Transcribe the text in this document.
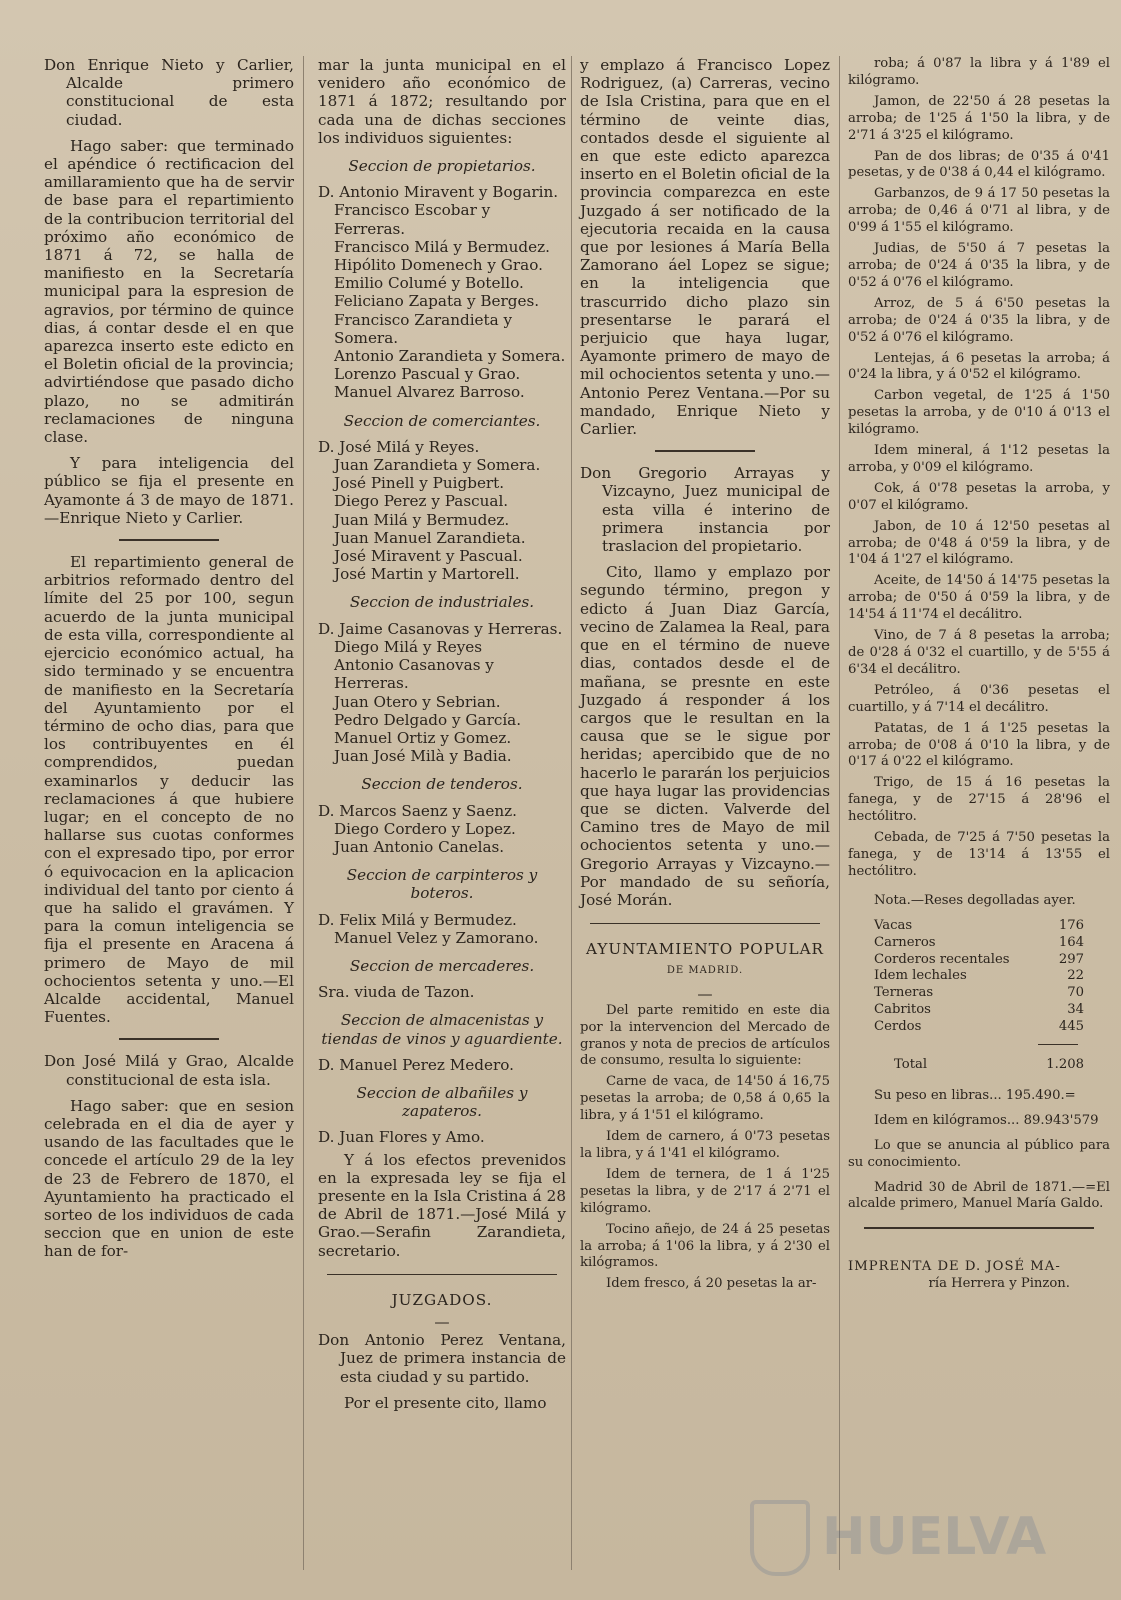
Don Enrique Nieto y Carlier, Alcalde primero constitucional de esta ciudad.

Hago saber: que terminado el apéndice ó rectificacion del amillaramiento que ha de servir de base para el repartimiento de la contribucion territorial del próximo año económico de 1871 á 72, se halla de manifiesto en la Secretaría municipal para la espresion de agravios, por término de quince dias, á contar desde el en que aparezca inserto este edicto en el Boletin oficial de la provincia; advirtiéndose que pasado dicho plazo, no se admitirán reclamaciones de ninguna clase.

Y para inteligencia del público se fija el presente en Ayamonte á 3 de mayo de 1871.—Enrique Nieto y Carlier.

El repartimiento general de arbitrios reformado dentro del límite del 25 por 100, segun acuerdo de la junta municipal de esta villa, correspondiente al ejercicio económico actual, ha sido terminado y se encuentra de manifiesto en la Secretaría del Ayuntamiento por el término de ocho dias, para que los contribuyentes en él comprendidos, puedan examinarlos y deducir las reclamaciones á que hubiere lugar; en el concepto de no hallarse sus cuotas conformes con el expresado tipo, por error ó equivocacion en la aplicacion individual del tanto por ciento á que ha salido el gravámen. Y para la comun inteligencia se fija el presente en Aracena á primero de Mayo de mil ochocientos setenta y uno.—El Alcalde accidental, Manuel Fuentes.

Don José Milá y Grao, Alcalde constitucional de esta isla.

Hago saber: que en sesion celebrada en el dia de ayer y usando de las facultades que le concede el artículo 29 de la ley de 23 de Febrero de 1870, el Ayuntamiento ha practicado el sorteo de los individuos de cada seccion que en union de este han de for-

mar la junta municipal en el venidero año económico de 1871 á 1872; resultando por cada una de dichas secciones los individuos siguientes:

Seccion de propietarios.
D. Antonio Miravent y Bogarin.
Francisco Escobar y Ferreras.
Francisco Milá y Bermudez.
Hipólito Domenech y Grao.
Emilio Columé y Botello.
Feliciano Zapata y Berges.
Francisco Zarandieta y Somera.
Antonio Zarandieta y Somera.
Lorenzo Pascual y Grao.
Manuel Alvarez Barroso.
Seccion de comerciantes.
D. José Milá y Reyes.
Juan Zarandieta y Somera.
José Pinell y Puigbert.
Diego Perez y Pascual.
Juan Milá y Bermudez.
Juan Manuel Zarandieta.
José Miravent y Pascual.
José Martin y Martorell.
Seccion de industriales.
D. Jaime Casanovas y Herreras.
Diego Milá y Reyes
Antonio Casanovas y Herreras.
Juan Otero y Sebrian.
Pedro Delgado y García.
Manuel Ortiz y Gomez.
Juan José Milà y Badia.
Seccion de tenderos.
D. Marcos Saenz y Saenz.
Diego Cordero y Lopez.
Juan Antonio Canelas.
Seccion de carpinteros y boteros.
D. Felix Milá y Bermudez.
Manuel Velez y Zamorano.
Seccion de mercaderes.
Sra. viuda de Tazon.
Seccion de almacenistas y tiendas de vinos y aguardiente.
D. Manuel Perez Medero.
Seccion de albañiles y zapateros.
D. Juan Flores y Amo.

Y á los efectos prevenidos en la expresada ley se fija el presente en la Isla Cristina á 28 de Abril de 1871.—José Milá y Grao.—Serafin Zarandieta, secretario.

JUZGADOS.
—

Don Antonio Perez Ventana, Juez de primera instancia de esta ciudad y su partido.

Por el presente cito, llamo

y emplazo á Francisco Lopez Rodriguez, (a) Carreras, vecino de Isla Cristina, para que en el término de veinte dias, contados desde el siguiente al en que este edicto aparezca inserto en el Boletin oficial de la provincia comparezca en este Juzgado á ser notificado de la ejecutoria recaida en la causa que por lesiones á María Bella Zamorano áel Lopez se sigue; en la inteligencia que trascurrido dicho plazo sin presentarse le parará el perjuicio que haya lugar, Ayamonte primero de mayo de mil ochocientos setenta y uno.—Antonio Perez Ventana.—Por su mandado, Enrique Nieto y Carlier.

Don Gregorio Arrayas y Vizcayno, Juez municipal de esta villa é interino de primera instancia por traslacion del propietario.

Cito, llamo y emplazo por segundo término, pregon y edicto á Juan Diaz García, vecino de Zalamea la Real, para que en el término de nueve dias, contados desde el de mañana, se presnte en este Juzgado á responder á los cargos que le resultan en la causa que se le sigue por heridas; apercibido que de no hacerlo le pararán los perjuicios que haya lugar las providencias que se dicten. Valverde del Camino tres de Mayo de mil ochocientos setenta y uno.—Gregorio Arrayas y Vizcayno.—Por mandado de su señoría, José Morán.

AYUNTAMIENTO POPULAR
DE MADRID.
—

Del parte remitido en este dia por la intervencion del Mercado de granos y nota de precios de artículos de consumo, resulta lo siguiente:

Carne de vaca, de 14'50 á 16,75 pesetas la arroba; de 0,58 á 0,65 la libra, y á 1'51 el kilógramo.

Idem de carnero, á 0'73 pesetas la libra, y á 1'41 el kilógramo.

Idem de ternera, de 1 á 1'25 pesetas la libra, y de 2'17 á 2'71 el kilógramo.

Tocino añejo, de 24 á 25 pesetas la arroba; á 1'06 la libra, y á 2'30 el kilógramos.

Idem fresco, á 20 pesetas la ar-

roba; á 0'87 la libra y á 1'89 el kilógramo.

Jamon, de 22'50 á 28 pesetas la arroba; de 1'25 á 1'50 la libra, y de 2'71 á 3'25 el kilógramo.

Pan de dos libras; de 0'35 á 0'41 pesetas, y de 0'38 á 0,44 el kilógramo.

Garbanzos, de 9 á 17 50 pesetas la arroba; de 0,46 á 0'71 al libra, y de 0'99 á 1'55 el kilógramo.

Judias, de 5'50 á 7 pesetas la arroba; de 0'24 á 0'35 la libra, y de 0'52 á 0'76 el kilógramo.

Arroz, de 5 á 6'50 pesetas la arroba; de 0'24 á 0'35 la libra, y de 0'52 á 0'76 el kilógramo.

Lentejas, á 6 pesetas la arroba; á 0'24 la libra, y á 0'52 el kilógramo.

Carbon vegetal, de 1'25 á 1'50 pesetas la arroba, y de 0'10 á 0'13 el kilógramo.

Idem mineral, á 1'12 pesetas la arroba, y 0'09 el kilógramo.

Cok, á 0'78 pesetas la arroba, y 0'07 el kilógramo.

Jabon, de 10 á 12'50 pesetas al arroba; de 0'48 á 0'59 la libra, y de 1'04 á 1'27 el kilógramo.

Aceite, de 14'50 á 14'75 pesetas la arroba; de 0'50 á 0'59 la libra, y de 14'54 á 11'74 el decálitro.

Vino, de 7 á 8 pesetas la arroba; de 0'28 á 0'32 el cuartillo, y de 5'55 á 6'34 el decálitro.

Petróleo, á 0'36 pesetas el cuartillo, y á 7'14 el decálitro.

Patatas, de 1 á 1'25 pesetas la arroba; de 0'08 á 0'10 la libra, y de 0'17 á 0'22 el kilógramo.

Trigo, de 15 á 16 pesetas la fanega, y de 27'15 á 28'96 el hectólitro.

Cebada, de 7'25 á 7'50 pesetas la fanega, y de 13'14 á 13'55 el hectólitro.

Nota.—Reses degolladas ayer.

Vacas	176
Carneros	164
Corderos recentales	297
Idem lechales	22
Terneras	70
Cabritos	34
Cerdos	445
Total	1.208

Su peso en libras... 195.490.=

Idem en kilógramos... 89.943'579

Lo que se anuncia al público para su conocimiento.

Madrid 30 de Abril de 1871.—=El alcalde primero, Manuel María Galdo.

IMPRENTA DE D. JOSÉ MA-
ría Herrera y Pinzon.
HUELVA
